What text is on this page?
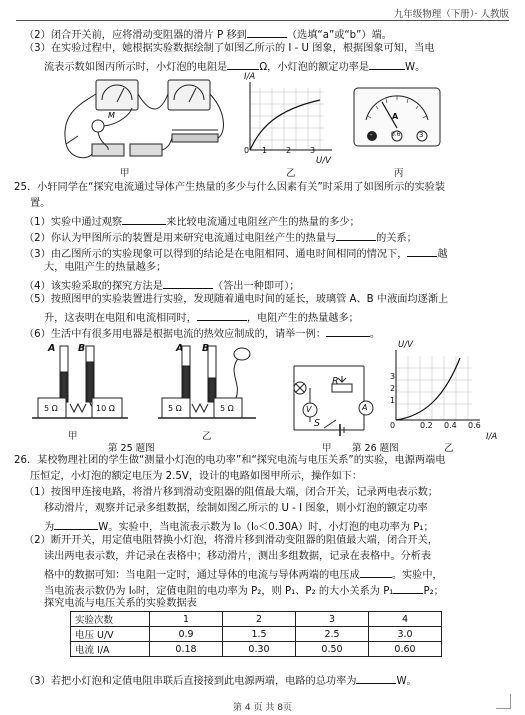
九年级物理（下册）· 人教版
（2）闭合开关前，应将滑动变阻器的滑片 P 移到	（选填“a”或“b”）端。
（3）在实验过程中，她根据实验数据绘制了如图乙所示的 I - U 图象，根据图象可知，当电
流表示数如图丙所示时，小灯泡的电阻是	Ω，小灯泡的额定功率是	W。
M
甲
I/A
0 1 2 3
U/V
乙
A
-	0.6	3
丙
25．小轩同学在“探究电流通过导体产生热量的多少与什么因素有关”时采用了如图所示的实验装
置。
（1）实验中通过观察	来比较电流通过电阻丝产生的热量的多少；
（2）你认为甲图所示的装置是用来研究电流通过电阻丝产生的热量与	的关系；
（3）由乙图所示的实验现象可以得到的结论是在电阻相同、通电时间相同的情况下，	越
大，电阻产生的热量越多；
（4）该实验采取的探究方法是	（答出一种即可）；
（5）按照图甲的实验装置进行实验，发现随着通电时间的延长，玻璃管 A、B 中液面均逐渐上
升，这表明在电阻和电流相同时，	，电阻产生的热量越多；
（6）生活中有很多用电器是根据电流的热效应制成的，请举一例：	。
A B
5 Ω	10 Ω
甲
A B
5 Ω	5 Ω
乙
第 25 题图
R
V	A
S
甲
U/V
1
2
3
0	0.2 0.4 0.6
I/A
第 26 题图	乙
26．某校物理社团的学生做“测量小灯泡的电功率”和“探究电流与电压关系”的实验，电源两端电
压恒定，小灯泡的额定电压为 2.5V，设计的电路如图甲所示，操作如下：
（1）按图甲连接电路，将滑片移到滑动变阻器的阻值最大端，闭合开关，记录两电表示数；
移动滑片，观察并记录多组数据，绘制如图乙所示的 U - I 图象，则小灯泡的额定功率
为	W。实验中，当电流表示数为 I₀（I₀＜0.30A）时，小灯泡的电功率为 P₁；
（2）断开开关，用定值电阻替换小灯泡，将滑片移到滑动变阻器的阻值最大端，闭合开关，
读出两电表示数，并记录在表格中；移动滑片，测出多组数据，记录在表格中。分析表
格中的数据可知：当电阻一定时，通过导体的电流与导体两端的电压成	。实验中，
当电流表示数仍为 I₀时，定值电阻的电功率为 P₂，则 P₁、P₂ 的大小关系为 P₁	P₂；
探究电流与电压关系的实验数据表
实验次数	1	2	3	4
电压 U/V	0.9	1.5	2.5	3.0
电流 I/A	0.18	0.30	0.50	0.60
（3）若把小灯泡和定值电阻串联后直接接到此电源两端，电路的总功率为	W。
第 4 页 共 8页
